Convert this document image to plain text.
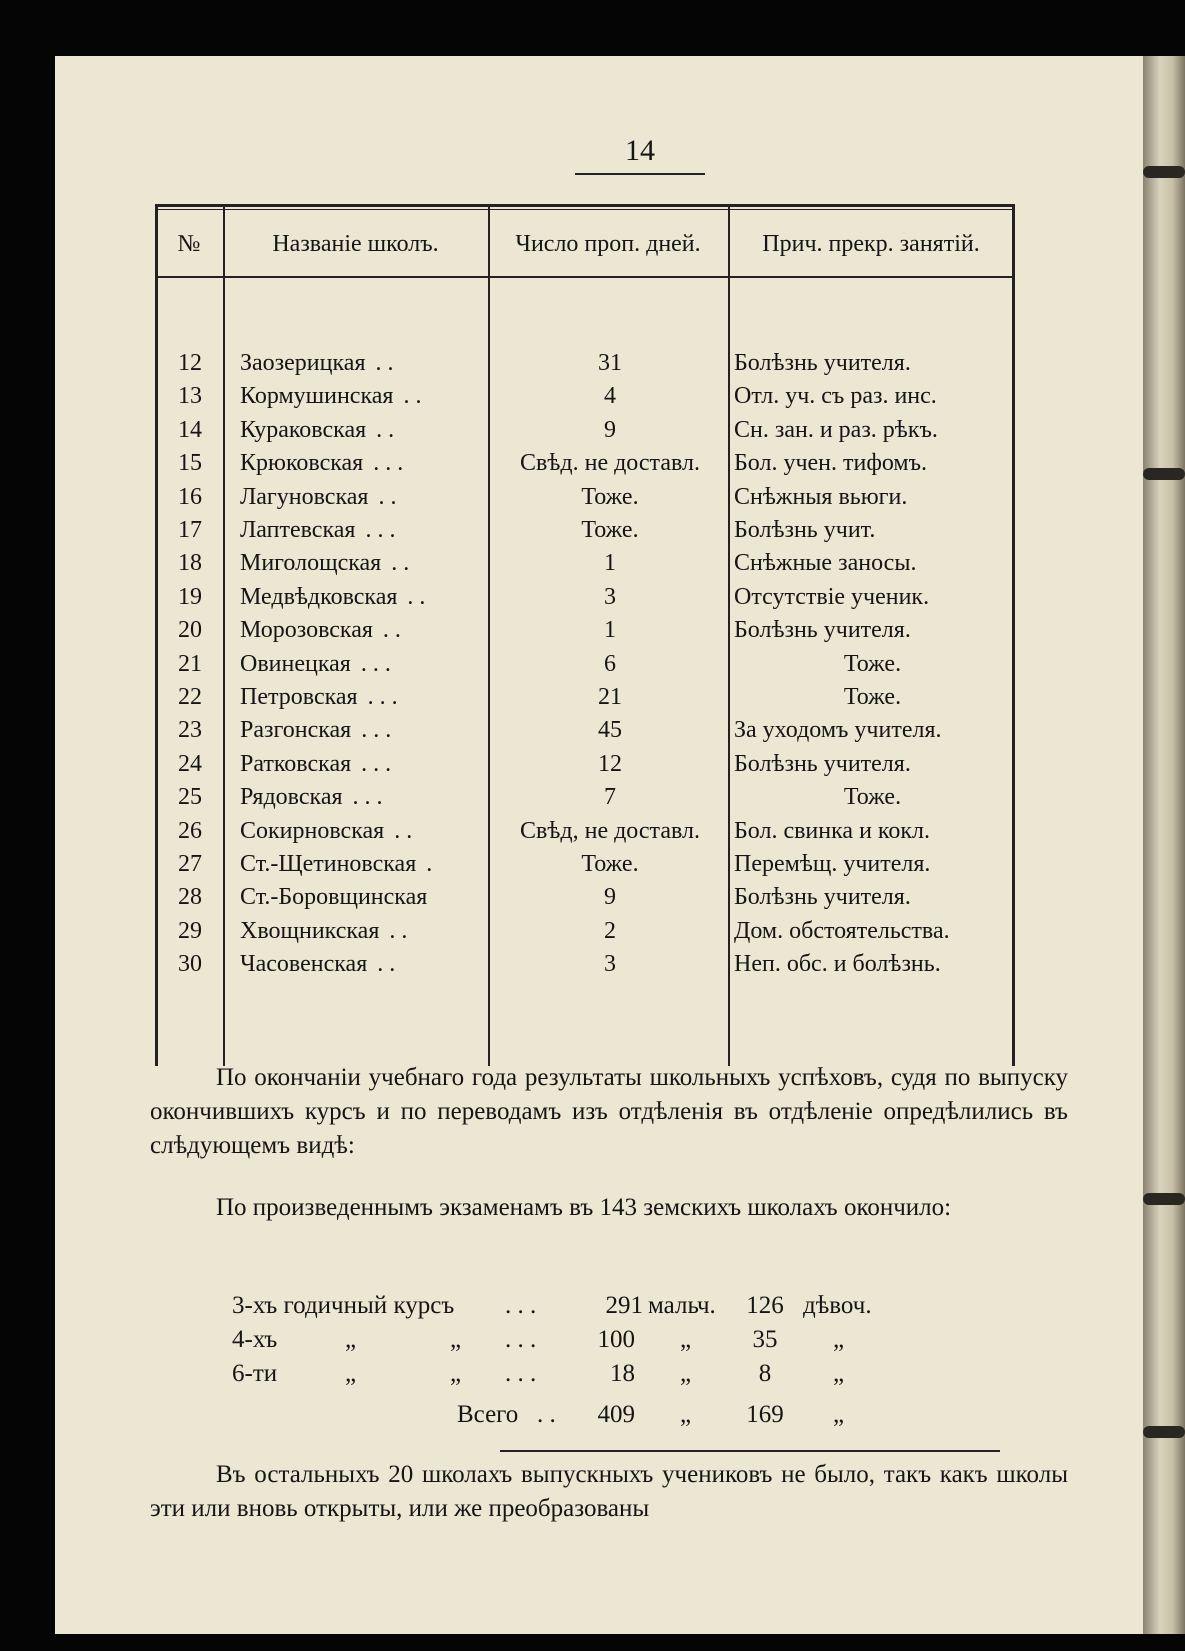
14
№	Названіе школъ.	Число проп. дней.	Прич. прекр. занятій.
12	Заозерицкая . .	31	Болѣзнь учителя.
13	Кормушинская . .	4	Отл. уч. съ раз. инс.
14	Кураковская . .	9	Сн. зан. и раз. рѣкъ.
15	Крюковская . . .	Свѣд. не доставл.	Бол. учен. тифомъ.
16	Лагуновская . .	Тоже.	Снѣжныя вьюги.
17	Лаптевская . . .	Тоже.	Болѣзнь учит.
18	Миголощская . .	1	Снѣжные заносы.
19	Медвѣдковская . .	3	Отсутствіе ученик.
20	Морозовская . .	1	Болѣзнь учителя.
21	Овинецкая . . .	6	Тоже.
22	Петровская . . .	21	Тоже.
23	Разгонская . . .	45	За уходомъ учителя.
24	Ратковская . . .	12	Болѣзнь учителя.
25	Рядовская . . .	7	Тоже.
26	Сокирновская . .	Свѣд, не доставл.	Бол. свинка и кокл.
27	Ст.-Щетиновская .	Тоже.	Перемѣщ. учителя.
28	Ст.-Боровщинская	9	Болѣзнь учителя.
29	Хвощникская . .	2	Дом. обстоятельства.
30	Часовенская . .	3	Неп. обс. и болѣзнь.
По окончаніи учебнаго года результаты школьныхъ успѣховъ, судя по выпуску окончившихъ курсъ и по переводамъ изъ отдѣленія въ отдѣленіе опредѣлились въ слѣдующемъ видѣ:
По произведеннымъ экзаменамъ въ 143 земскихъ школахъ окончило:
3-хъ годичный курсъ . . .	291 мальч.	126 дѣвоч.
4-хъ	„	„ . . .	100 „	35	„
6-ти	„	„ . . .	18 „	8	„
Всего . .	409 „	169	„
Въ остальныхъ 20 школахъ выпускныхъ учениковъ не было, такъ какъ школы эти или вновь открыты, или же преобразованы
